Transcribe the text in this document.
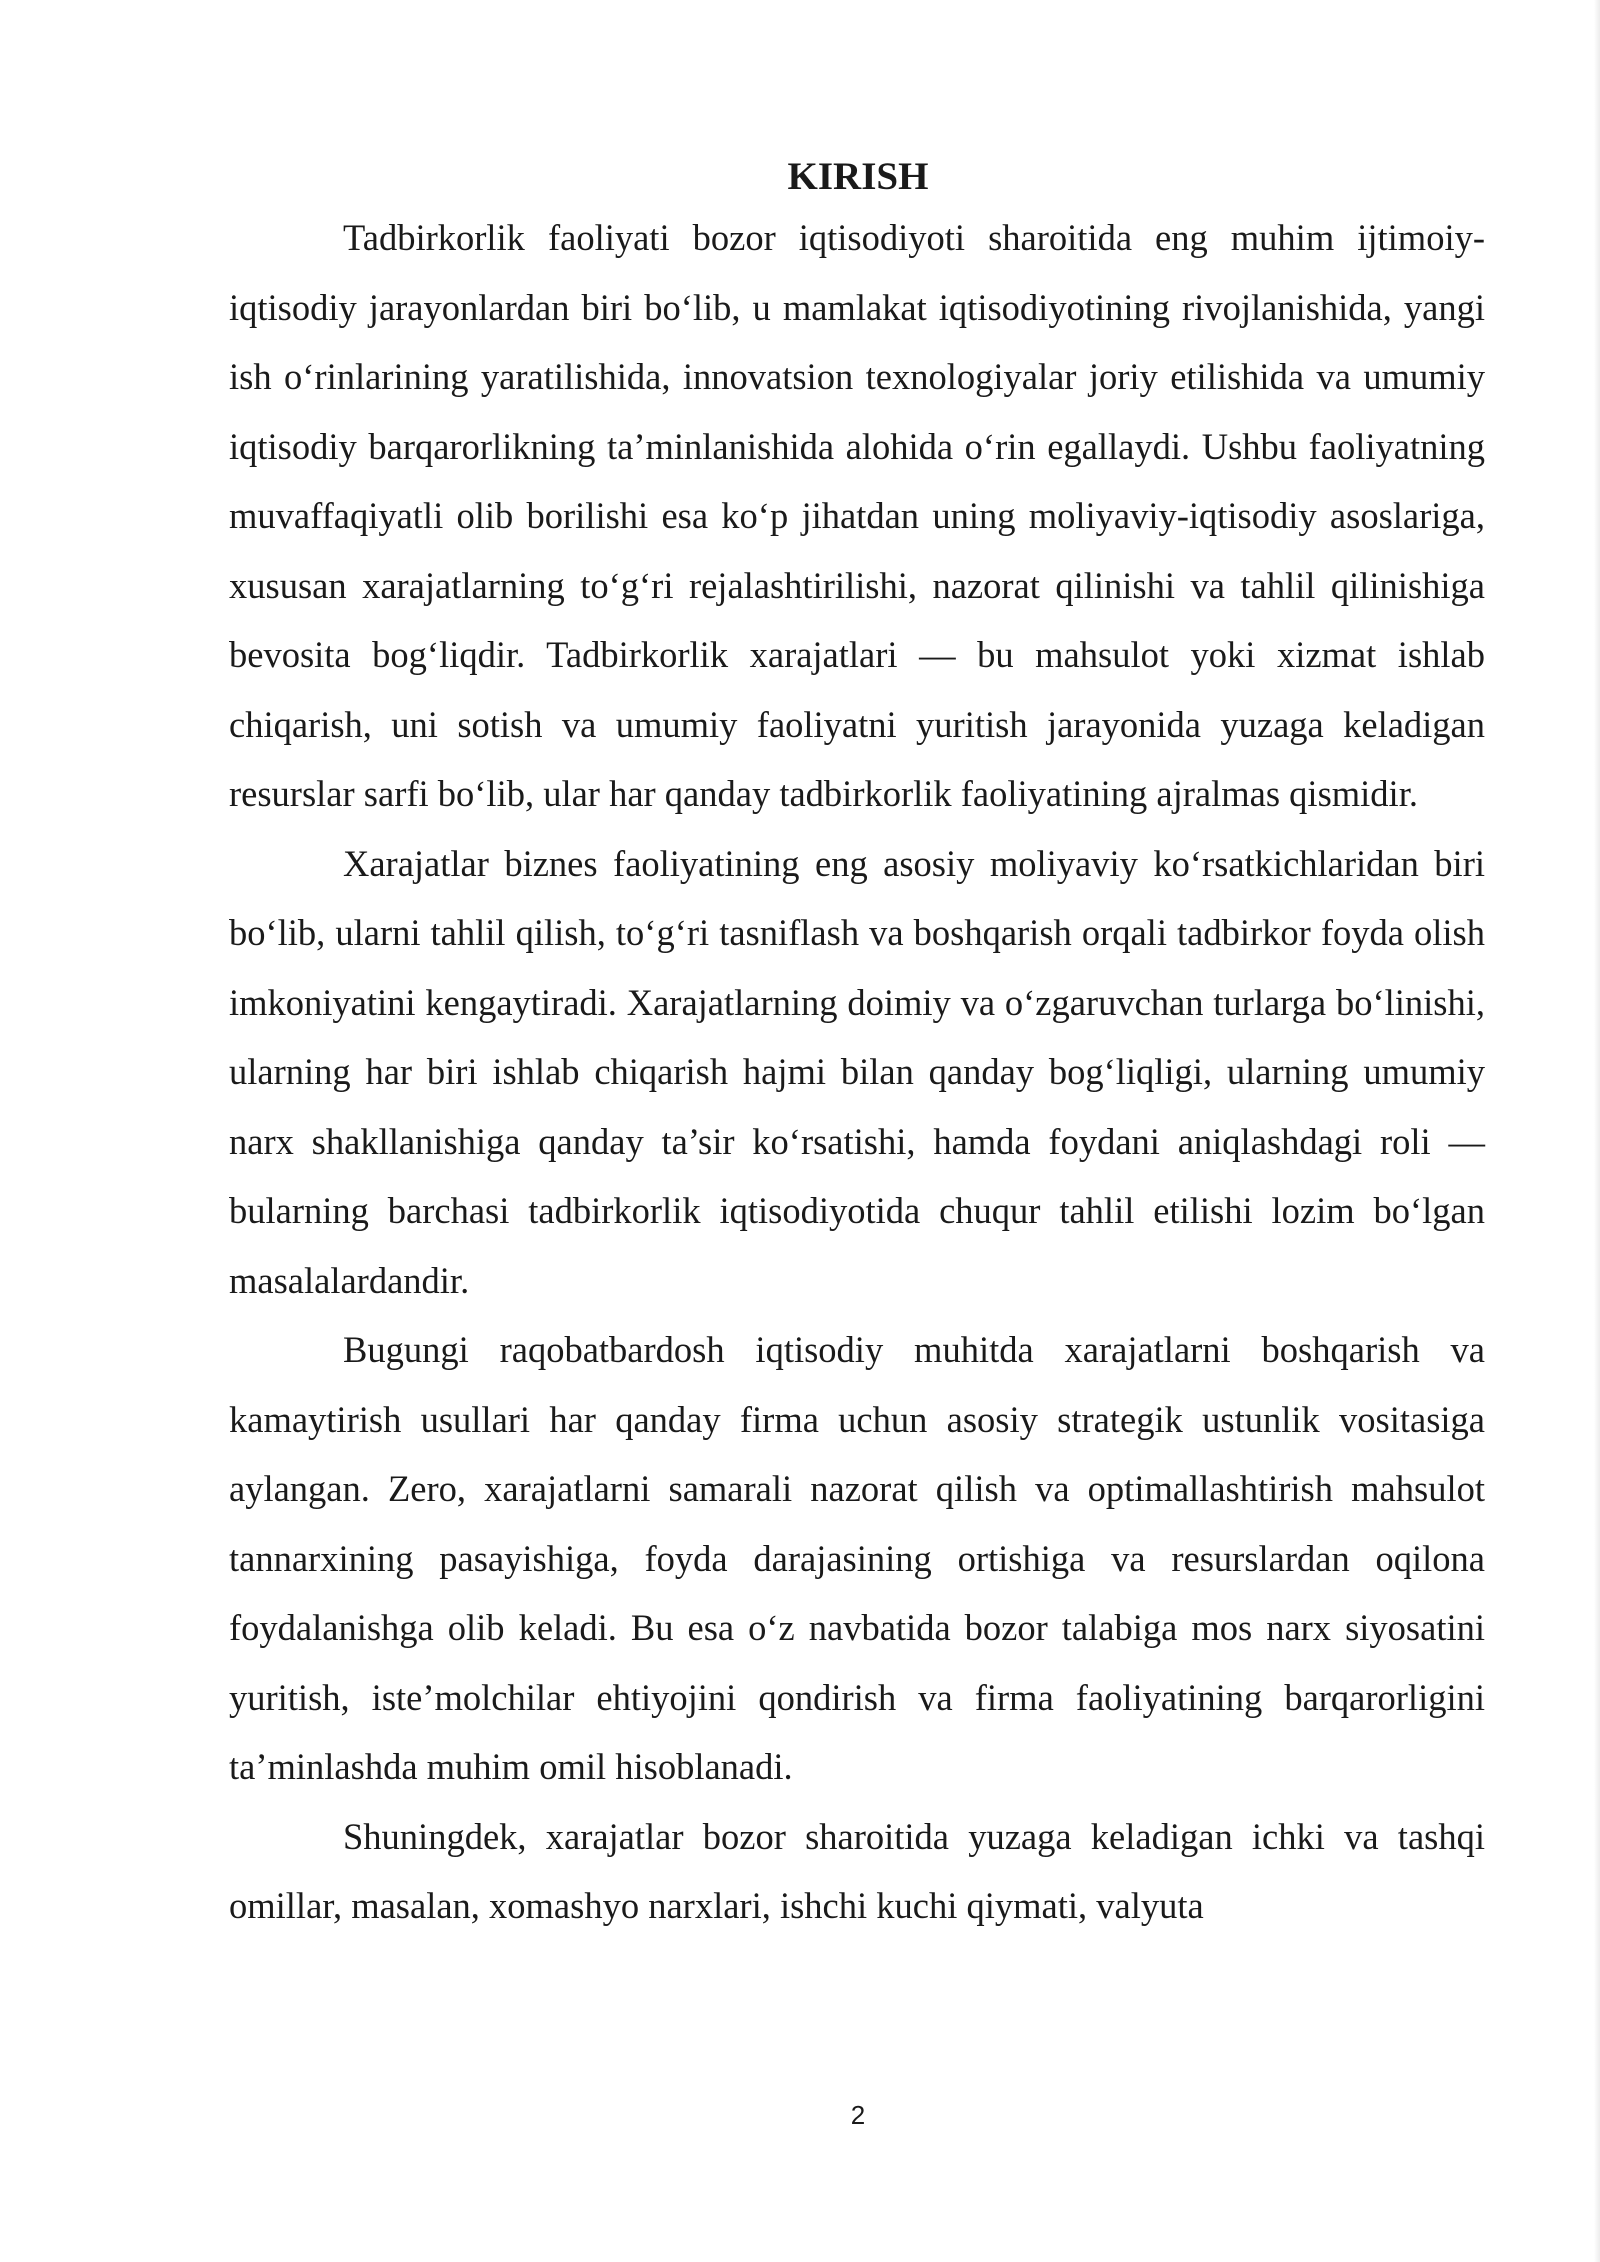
KIRISH

Tadbirkorlik faoliyati bozor iqtisodiyoti sharoitida eng muhim ijtimoiy-iqtisodiy jarayonlardan biri bo‘lib, u mamlakat iqtisodiyotining rivojlanishida, yangi ish o‘rinlarining yaratilishida, innovatsion texnologiyalar joriy etilishida va umumiy iqtisodiy barqarorlikning ta’minlanishida alohida o‘rin egallaydi. Ushbu faoliyatning muvaffaqiyatli olib borilishi esa ko‘p jihatdan uning moliyaviy-iqtisodiy asoslariga, xususan xarajatlarning to‘g‘ri rejalashtirilishi, nazorat qilinishi va tahlil qilinishiga bevosita bog‘liqdir. Tadbirkorlik xarajatlari — bu mahsulot yoki xizmat ishlab chiqarish, uni sotish va umumiy faoliyatni yuritish jarayonida yuzaga keladigan resurslar sarfi bo‘lib, ular har qanday tadbirkorlik faoliyatining ajralmas qismidir.

Xarajatlar biznes faoliyatining eng asosiy moliyaviy ko‘rsatkichlaridan biri bo‘lib, ularni tahlil qilish, to‘g‘ri tasniflash va boshqarish orqali tadbirkor foyda olish imkoniyatini kengaytiradi. Xarajatlarning doimiy va o‘zgaruvchan turlarga bo‘linishi, ularning har biri ishlab chiqarish hajmi bilan qanday bog‘liqligi, ularning umumiy narx shakllanishiga qanday ta’sir ko‘rsatishi, hamda foydani aniqlashdagi roli — bularning barchasi tadbirkorlik iqtisodiyotida chuqur tahlil etilishi lozim bo‘lgan masalalardandir.

Bugungi raqobatbardosh iqtisodiy muhitda xarajatlarni boshqarish va kamaytirish usullari har qanday firma uchun asosiy strategik ustunlik vositasiga aylangan. Zero, xarajatlarni samarali nazorat qilish va optimallashtirish mahsulot tannarxining pasayishiga, foyda darajasining ortishiga va resurslardan oqilona foydalanishga olib keladi. Bu esa o‘z navbatida bozor talabiga mos narx siyosatini yuritish, iste’molchilar ehtiyojini qondirish va firma faoliyatining barqarorligini ta’minlashda muhim omil hisoblanadi.

Shuningdek, xarajatlar bozor sharoitida yuzaga keladigan ichki va tashqi omillar, masalan, xomashyo narxlari, ishchi kuchi qiymati, valyuta

2
